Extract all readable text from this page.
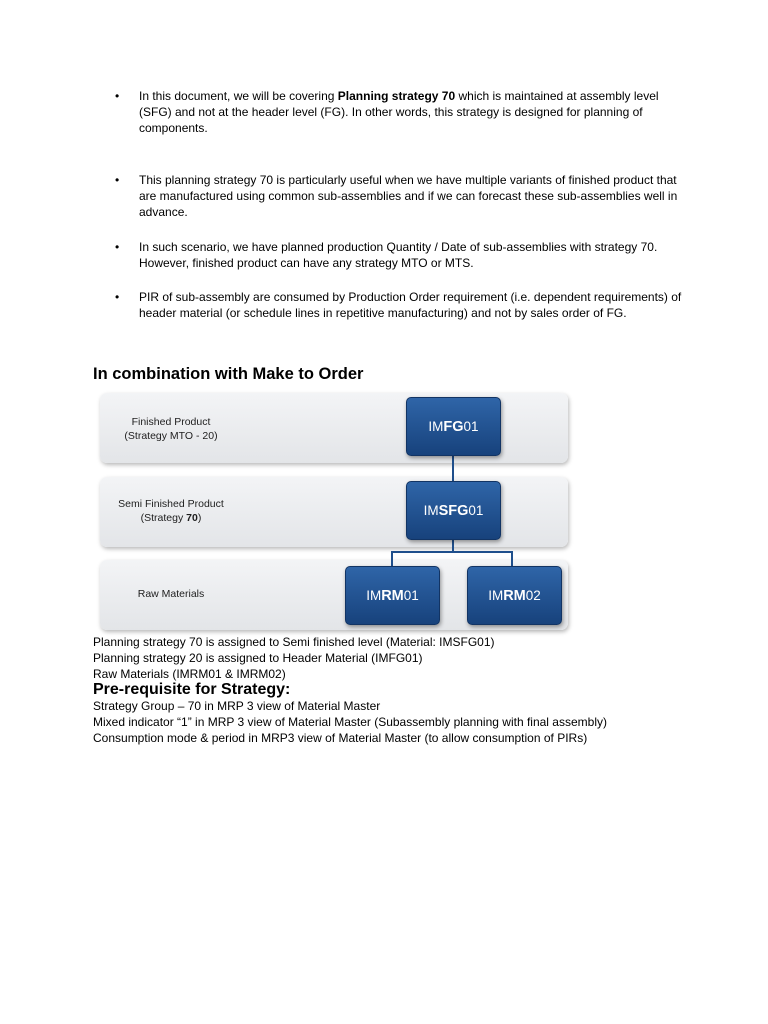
• In this document, we will be covering Planning strategy 70 which is maintained at assembly level (SFG) and not at the header level (FG). In other words, this strategy is designed for planning of components.
• This planning strategy 70 is particularly useful when we have multiple variants of finished product that are manufactured using common sub-assemblies and if we can forecast these sub-assemblies well in advance.
• In such scenario, we have planned production Quantity / Date of sub-assemblies with strategy 70. However, finished product can have any strategy MTO or MTS.
• PIR of sub-assembly are consumed by Production Order requirement (i.e. dependent requirements) of header material (or schedule lines in repetitive manufacturing) and not by sales order of FG.
In combination with Make to Order
Finished Product
(Strategy MTO - 20)
Semi Finished Product
(Strategy 70)
Raw Materials
IM FG 01
IM SFG 01
IM RM 01	IM RM 02
Planning strategy 70 is assigned to Semi finished level (Material: IMSFG01)
Planning strategy 20 is assigned to Header Material (IMFG01)
Raw Materials (IMRM01 & IMRM02)
Pre-requisite for Strategy:
Strategy Group – 70 in MRP 3 view of Material Master
Mixed indicator “1” in MRP 3 view of Material Master (Subassembly planning with final assembly)
Consumption mode & period in MRP3 view of Material Master (to allow consumption of PIRs)
